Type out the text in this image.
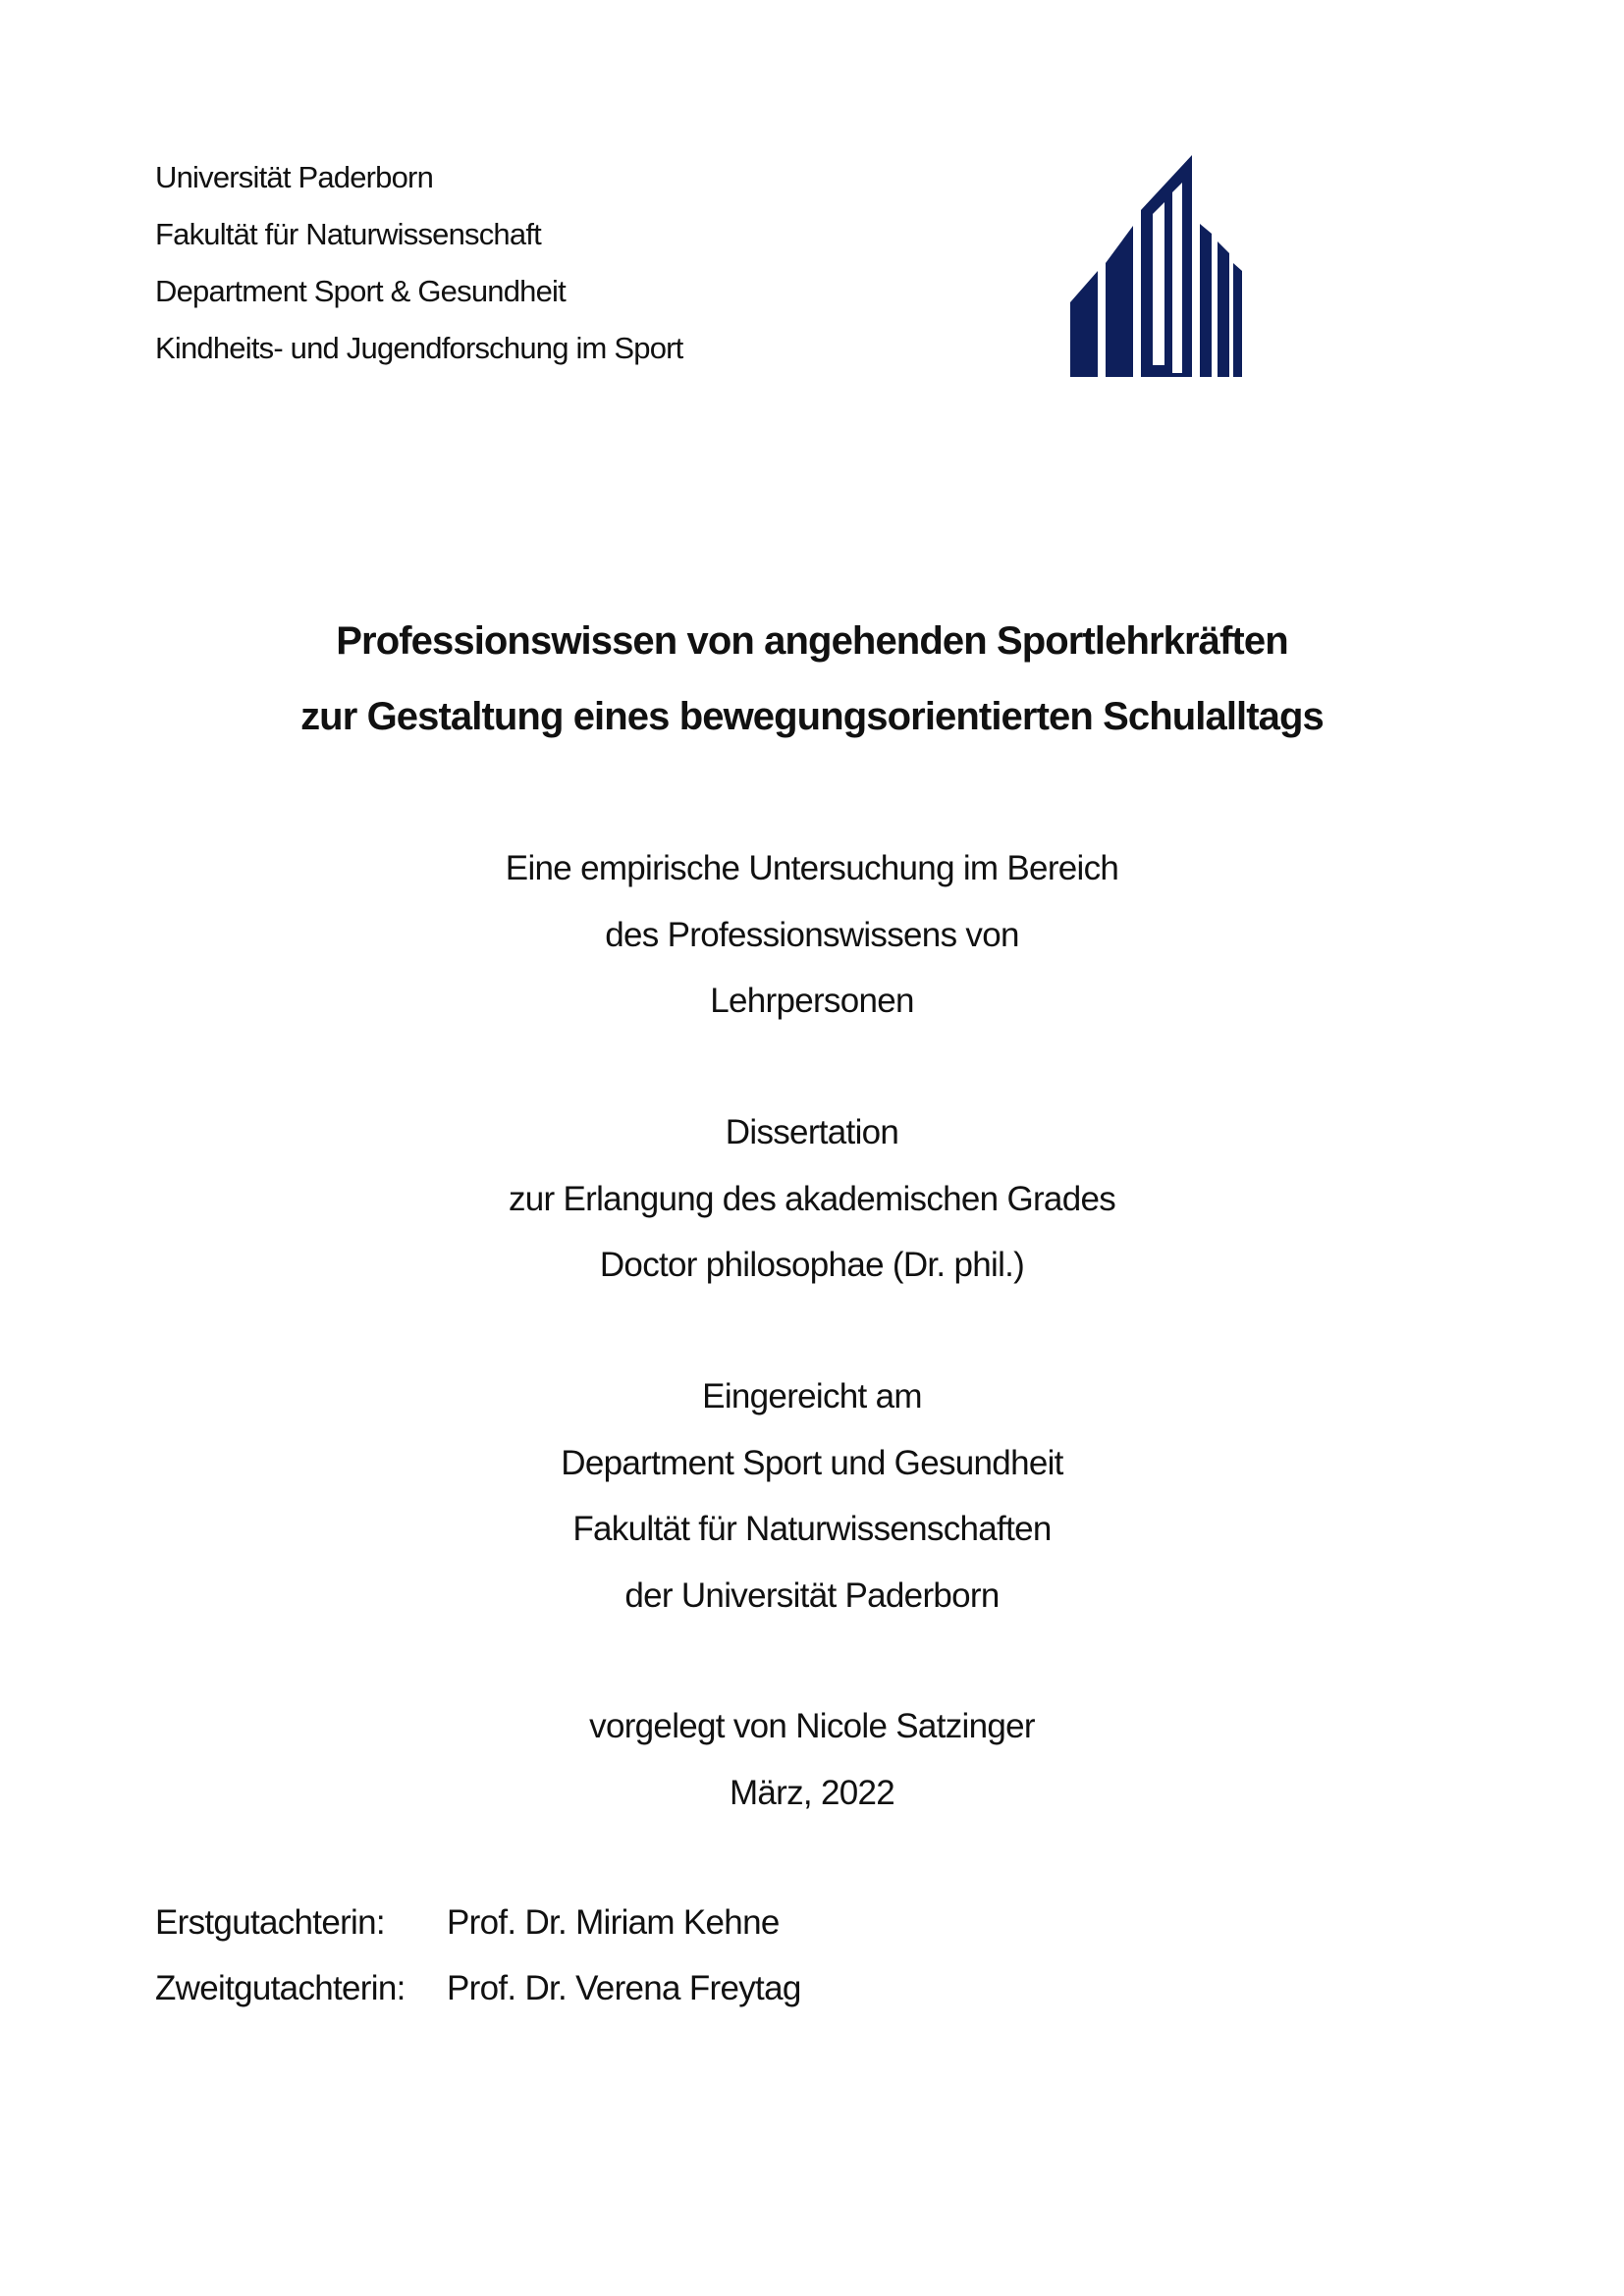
Universität Paderborn
Fakultät für Naturwissenschaft
Department Sport & Gesundheit
Kindheits- und Jugendforschung im Sport
Professionswissen von angehenden Sportlehrkräften
zur Gestaltung eines bewegungsorientierten Schulalltags
Eine empirische Untersuchung im Bereich
des Professionswissens von
Lehrpersonen
Dissertation
zur Erlangung des akademischen Grades
Doctor philosophae (Dr. phil.)
Eingereicht am
Department Sport und Gesundheit
Fakultät für Naturwissenschaften
der Universität Paderborn
vorgelegt von Nicole Satzinger
März, 2022
Erstgutachterin:	Prof. Dr. Miriam Kehne
Zweitgutachterin:	Prof. Dr. Verena Freytag
